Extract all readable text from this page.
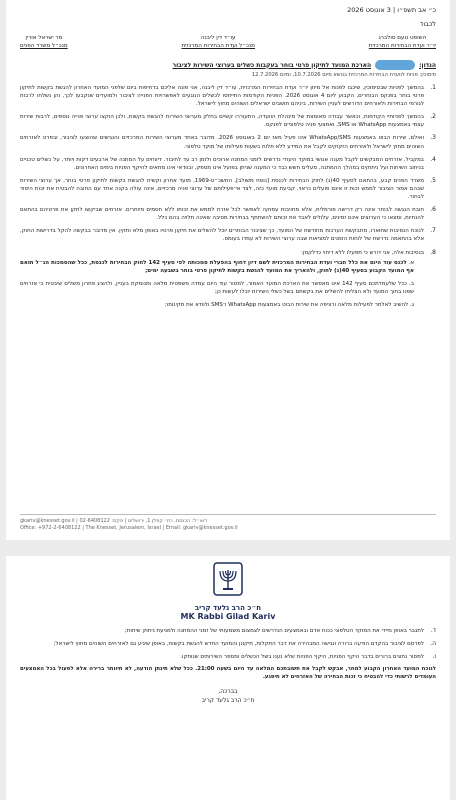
כ״ אב תשפ״ו | 3 אוגוסט 2026
לכבוד
השופט נועם סולברג
יו״ר ועדת הבחירות המרכזית
עו״ד דין ליבנה
מנכ״ל ועדת הבחירות המרכזית
מר ישראל אורין
מנכ״ל משרד הפנים
הנדון:
הארכת המועד לתיקון פרטי בוחר בעקבות כשלים בערוצי השירות לציבור
סימוכין: פניות לוועדת הבחירות המרכזית בנושא מיום 10.7.2026, ומיום 12.7.2026
1.
בהמשך לפניות שבסימוכין, שיכבו לפנות אל מיוזן יו״ר ועדת הבחירות המרכזית, עו״ד דין ליבנה, אני פונה אליכם בדחיפות ביום שלפני המועד האחרון להגשת בקשות לתיקון פרטי בוחר בפנקס הבוחרים, הקבוע ליום 4 אוגוסט 2026. הפניות הקודמות התייחסו לכשלים הנוגעים לאפשרויות הפנייה לציבור ולמועדים שנקבעו לכך, והן נשלחו לרבות לגורמי הבחירות ולאורחים הדורשים לעניין השירות, ביניהם תושבים ישראלים השוהים מחוץ לישראל.
2.
בהמשך לפניותיי הקודמות, וכאשר עבודה מאומצת של מינהלת הוועדה, התעוררו קשיים בחלק מערוצי השירות להגשת בקשות, ולכן הוקצו ערוצי פנייה נוספים, לרבות שירות עצמי באמצעות WhatsApp או SMS, ואמצעי פניה טלפוניים לפנקס.
3.
ואולם, שירות הבוט באמצעות WhatsApp/SMS אינו פעיל מאז יום 2 באוגוסט 2026. מדובר באחד מערוצי השירות המרכזיים והנגישים שהוצעו לציבור, ובפרט לאזרחים השוהים מחוץ לישראל ולאזרחים הזקוקים לקבל את המידע ללא תלות בשעות פעילותו של מוקד טלפוני.
4.
במקביל, אזרחים המבקשים לקבל מענה אנושי במוקד היעודי נדרשים לזמני המתנה ארוכים ולזמן רב עד לחיבור. דיווחים על המתנה של ארבעים דקות ויותר, על כשלים טכניים בניתוב השיחות ועל ניתוקים במהלך ההמתנה, מעלים חשש כבד כי המענה שניתן בפועל אינו מספק, ובוודאי אינו מתאים להיקף הפניות בימים האחרונים.
5.
משרד הפנים קבע, בהתאם לסעיף 40(ג) לחוק הבחירות לכנסת [נוסח משולב], התשכ״ט-1969, מועד אחרון וקשיח להגשת בקשות לתיקון פרטי בוחר, אך ערוצי השירות שבהם אמור הציבור לממש זכות זו אינם פועלים כראוי. קביעת מועד כזה, לצד אי־פעילותם של ערוצי פניה מרכזיים, אינה עולה בקנה אחד עם החובה להבטיח את זכות היסוד לבחור.
6.
חובת הנגשה לבוחר אינה רק דרישה פורמלית, אלא מחויבות עמוקה לאפשר לכל אזרח לממש את זכותו ללא חסמים מיותרים. אזרחים שביקשו לתקן את פרטיהם בהתאם להנחיות, ומצאו כי הערוצים אינם זמינים, עלולים לאבד את זכותם להשתתף בבחירות מסיבה שאינה תלויה בהם כלל.
7.
לנוכח הנסיבות שתוארו, מתבקשת הערכות מחודשת של המועד, כך שציבור הבוחרים יוכל להשלים את תיקון פרטיו באופן מלא ותקין. אין מדובר בבקשה להקל בדרישות החוק, אלא בהתאמה נדרשת של לוחות הזמנים למציאות שבה ערוצי השירות לא עמדו בעומס.
8.
בנסיבות אלה, אני דורש כי תפעלו ללא דיחוי כדלקמן:
א. לכנס עוד היום את כלל חברי ועדת הבחירות המרכזית לשם דיון דחוף בהפעלת סמכותה לפי סעיף 142 לחוק הבחירות לכנסת, ככל שהסמכות הנ״ל תואם אף המועד הקבוע בסעיף 40(ג) לחוק, ולהאריך את המועד להגשת בקשות לתיקון פרטי בוחר בשבעה ימים;
ב. ככל שלעמדתכם סעיף 142 אינו מאפשר את הארכת המועד האמור, למסור עוד היום עמדה משפטית מלאה ומנומקת בעניין, ולהציג פתרון משלים שיבטיח כי אזרחים שפנו בתוך המועד ולא הצליחו להשלים את בקשתם בשל כשלי השירות יוכלו לעשות כן;
ג. להשיב לאלתר לפעילות מלאה ורציפה את שירות הבוט באמצעות WhatsApp ו־SMS ולוודא את תקינותו;
gkariv@knesset.gov.il | דוא״ל: הכנסת, רח׳ קפלן 1, ירושלים | פקס: 02-6408122
Office: +972-2-6408122 | The Knesset, Jerusalem, Israel | Email: gkariv@knesset.gov.il
ח״כ הרב גלעד קריב
MK Rabbi Gilad Kariv
ד.
לתגבר באופן מיידי את המוקד הטלפוני ככוח אדם ובאמצעים הנדרשים לצמצום משמעותי של זמני ההמתנה ולמניעת ניתוק שיחות;
ה.
לפרסם לציבור בהקדם הודעה ברורה ונגישה המבהירה את דבר התקלות, תיקונן והמועד החדש להגשת בקשות, באופן שיגיע גם לאזרחים השוהים מחוץ לישראל;
ו.
למסור נתונים ברורים בדבר היקף הפניות, היקף הפניות שלא נענו בשל הכשלים ומספר השירותים שנותקו.
לנוכח המועד האחרון הקבוע למחר, אבקש לקבל את תשובתכם המלאה עד היום בשעה 21:00. ככל שלא תינתן הודעה, לא תיוותר ברירה אלא לפעול בכל האמצעים העומדים לרשותי כדי להבטיח כי זכות הבחירה של האזרחים לא תיפגע.
בברכה,
ח״כ הרב גלעד קריב
